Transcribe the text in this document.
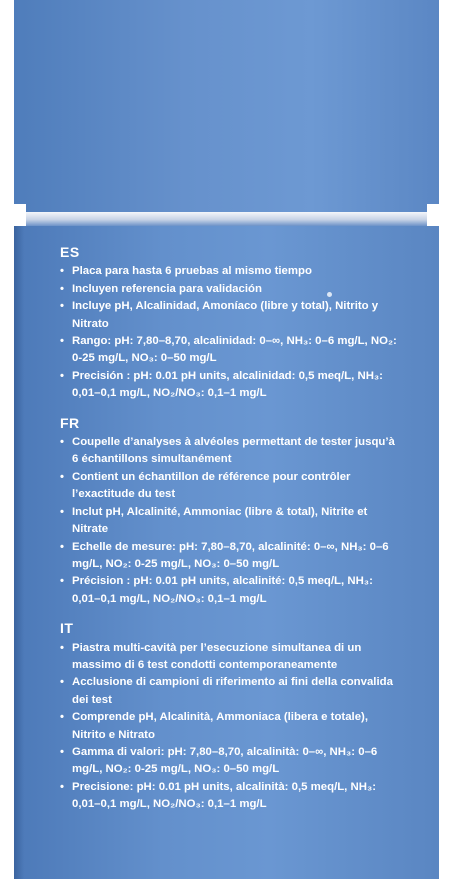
ES
• Placa para hasta 6 pruebas al mismo tiempo
• Incluyen referencia para validación
• Incluye pH, Alcalinidad, Amoníaco (libre y total), Nitrito y Nitrato
• Rango: pH: 7,80–8,70, alcalinidad: 0–∞, NH₃: 0–6 mg/L, NO₂: 0-25 mg/L, NO₃: 0–50 mg/L
• Precisión : pH: 0.01 pH units, alcalinidad: 0,5 meq/L, NH₃: 0,01–0,1 mg/L, NO₂/NO₃: 0,1–1 mg/L
FR
• Coupelle d’analyses à alvéoles permettant de tester jusqu’à 6 échantillons simultanément
• Contient un échantillon de référence pour contrôler l’exactitude du test
• Inclut pH, Alcalinité, Ammoniac (libre & total), Nitrite et Nitrate
• Echelle de mesure: pH: 7,80–8,70, alcalinité: 0–∞, NH₃: 0–6 mg/L, NO₂: 0-25 mg/L, NO₃: 0–50 mg/L
• Précision : pH: 0.01 pH units, alcalinité: 0,5 meq/L, NH₃: 0,01–0,1 mg/L, NO₂/NO₃: 0,1–1 mg/L
IT
• Piastra multi-cavità per l’esecuzione simultanea di un massimo di 6 test condotti contemporaneamente
• Acclusione di campioni di riferimento ai fini della convalida dei test
• Comprende pH, Alcalinità, Ammoniaca (libera e totale), Nitrito e Nitrato
• Gamma di valori: pH: 7,80–8,70, alcalinità: 0–∞, NH₃: 0–6 mg/L, NO₂: 0-25 mg/L, NO₃: 0–50 mg/L
• Precisione: pH: 0.01 pH units, alcalinità: 0,5 meq/L, NH₃: 0,01–0,1 mg/L, NO₂/NO₃: 0,1–1 mg/L
